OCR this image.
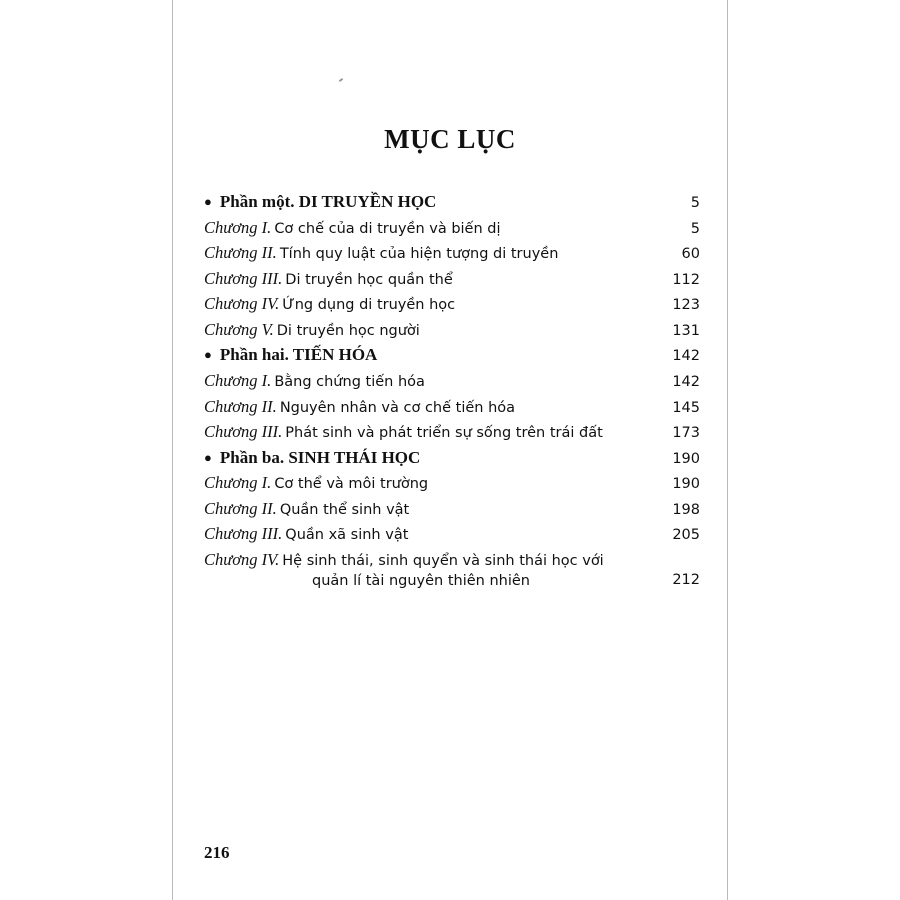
MỤC LỤC
● Phần một. DI TRUYỀN HỌC	5
Chương I. Cơ chế của di truyền và biến dị	5
Chương II. Tính quy luật của hiện tượng di truyền	60
Chương III. Di truyền học quần thể	112
Chương IV. Ứng dụng di truyền học	123
Chương V. Di truyền học người	131
● Phần hai. TIẾN HÓA	142
Chương I. Bằng chứng tiến hóa	142
Chương II. Nguyên nhân và cơ chế tiến hóa	145
Chương III. Phát sinh và phát triển sự sống trên trái đất	173
● Phần ba. SINH THÁI HỌC	190
Chương I. Cơ thể và môi trường	190
Chương II. Quần thể sinh vật	198
Chương III. Quần xã sinh vật	205
Chương IV. Hệ sinh thái, sinh quyển và sinh thái học với
quản lí tài nguyên thiên nhiên	212
216
